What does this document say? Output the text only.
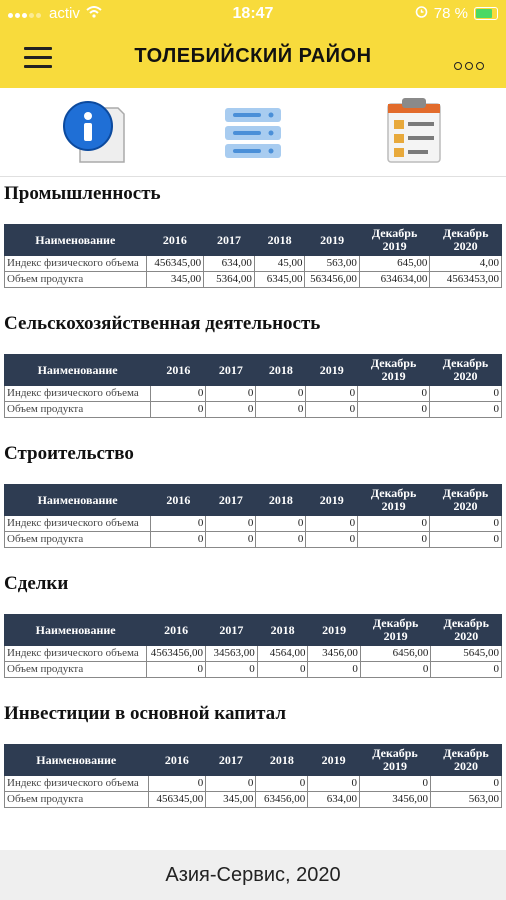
activ	18:47	78 %
ТОЛЕБИЙСКИЙ РАЙОН
Промышленность
Наименование	2016	2017	2018	2019	Декабрь 2019	Декабрь 2020
Индекс физического объема	456345,00	634,00	45,00	563,00	645,00	4,00
Объем продукта	345,00	5364,00	6345,00	563456,00	634634,00	4563453,00
Сельскохозяйственная деятельность
Наименование	2016	2017	2018	2019	Декабрь 2019	Декабрь 2020
Индекс физического объема	0	0	0	0	0	0
Объем продукта	0	0	0	0	0	0
Строительство
Наименование	2016	2017	2018	2019	Декабрь 2019	Декабрь 2020
Индекс физического объема	0	0	0	0	0	0
Объем продукта	0	0	0	0	0	0
Сделки
Наименование	2016	2017	2018	2019	Декабрь 2019	Декабрь 2020
Индекс физического объема	4563456,00	34563,00	4564,00	3456,00	6456,00	5645,00
Объем продукта	0	0	0	0	0	0
Инвестиции в основной капитал
Наименование	2016	2017	2018	2019	Декабрь 2019	Декабрь 2020
Индекс физического объема	0	0	0	0	0	0
Объем продукта	456345,00	345,00	63456,00	634,00	3456,00	563,00
Азия-Сервис, 2020
